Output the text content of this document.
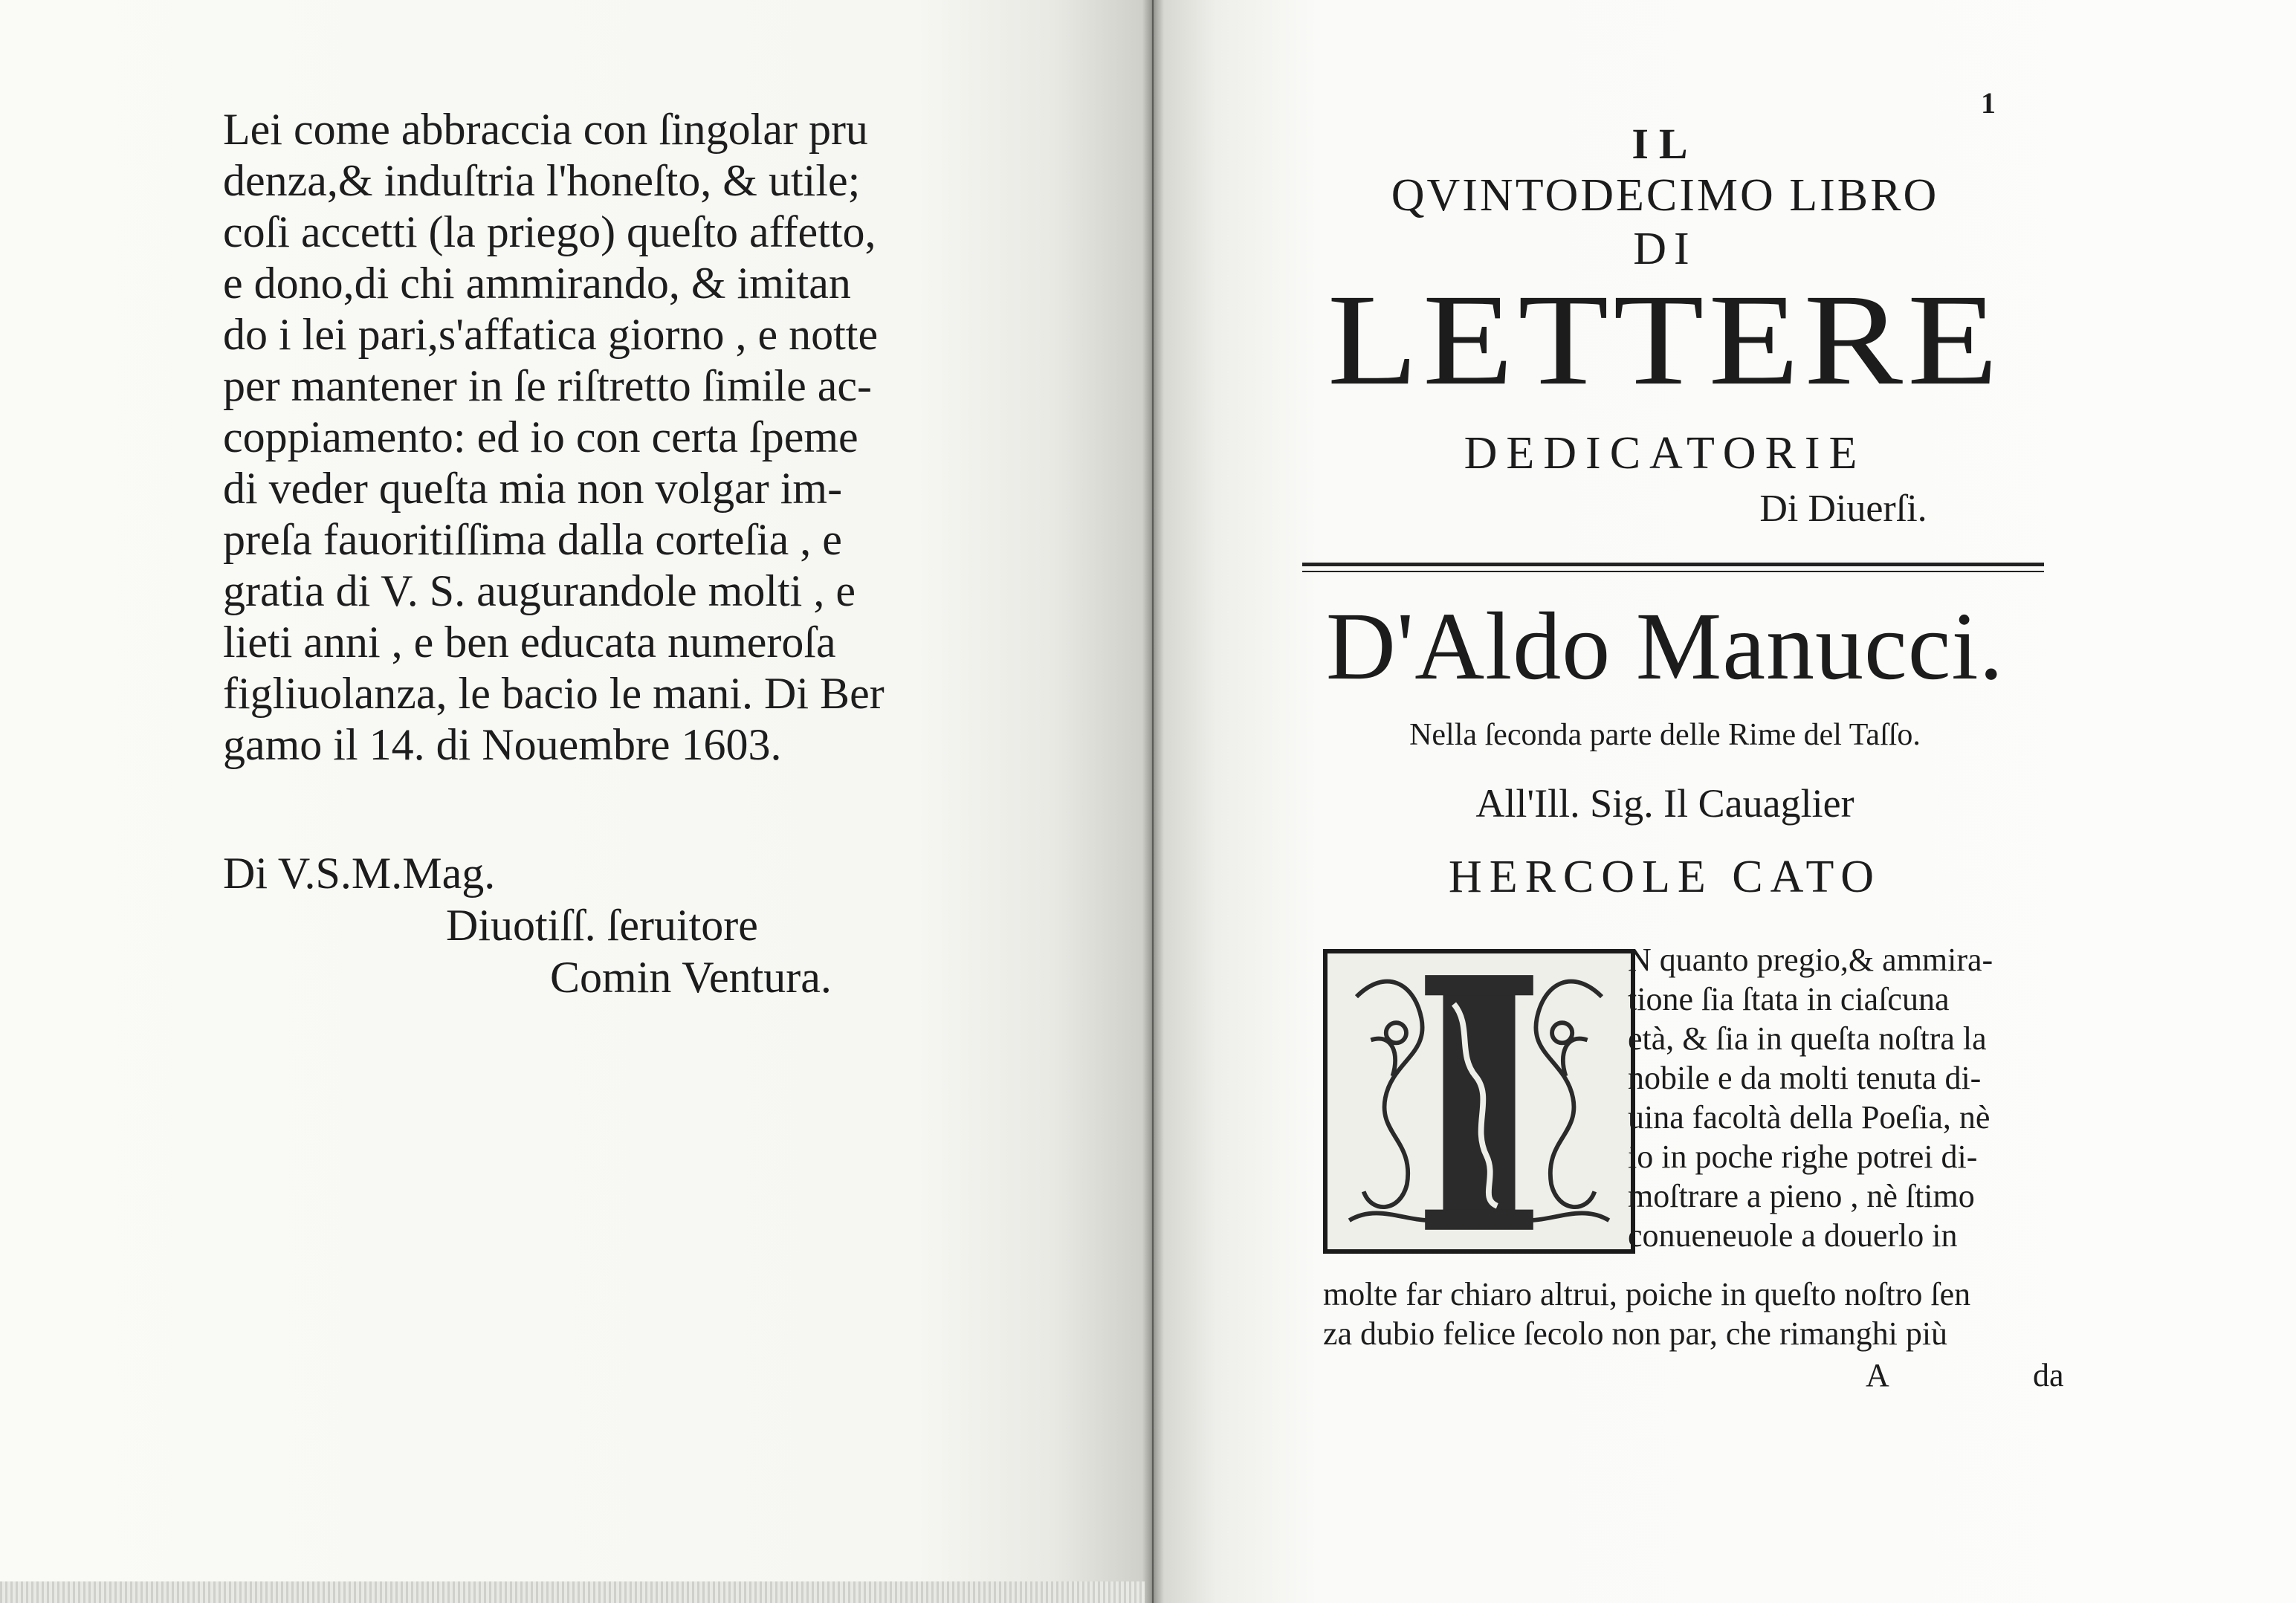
Lei come abbraccia con ſingolar pru
denza,& induſtria l'honeſto, & utile;
coſi accetti (la priego) queſto affetto,
e dono,di chi ammirando, & imitan
do i lei pari,s'affatica giorno , e notte
per mantener in ſe riſtretto ſimile ac-
coppiamento: ed io con certa ſpeme
di veder queſta mia non volgar im-
preſa fauoritiſſima dalla corteſia , e
gratia di V. S. augurandole molti , e
lieti anni , e ben educata numeroſa
figliuolanza, le bacio le mani. Di Ber
gamo il 14. di Nouembre 1603.
Di V.S.M.Mag.
Diuotiſſ. ſeruitore
Comin Ventura.
1
IL
QVINTODECIMO LIBRO
DI
LETTERE
DEDICATORIE
Di Diuerſi.
D'Aldo Manucci.
Nella ſeconda parte delle Rime del Taſſo.
All'Ill. Sig. Il Cauaglier
HERCOLE CATO
N quanto pregio,& ammira-
tione ſia ſtata in ciaſcuna
età, & ſia in queſta noſtra la
nobile e da molti tenuta di-
uina facoltà della Poeſia, nè
io in poche righe potrei di-
moſtrare a pieno , nè ſtimo
conueneuole a douerlo in
molte far chiaro altrui, poiche in queſto noſtro ſen
za dubio felice ſecolo non par, che rimanghi più
A	da
